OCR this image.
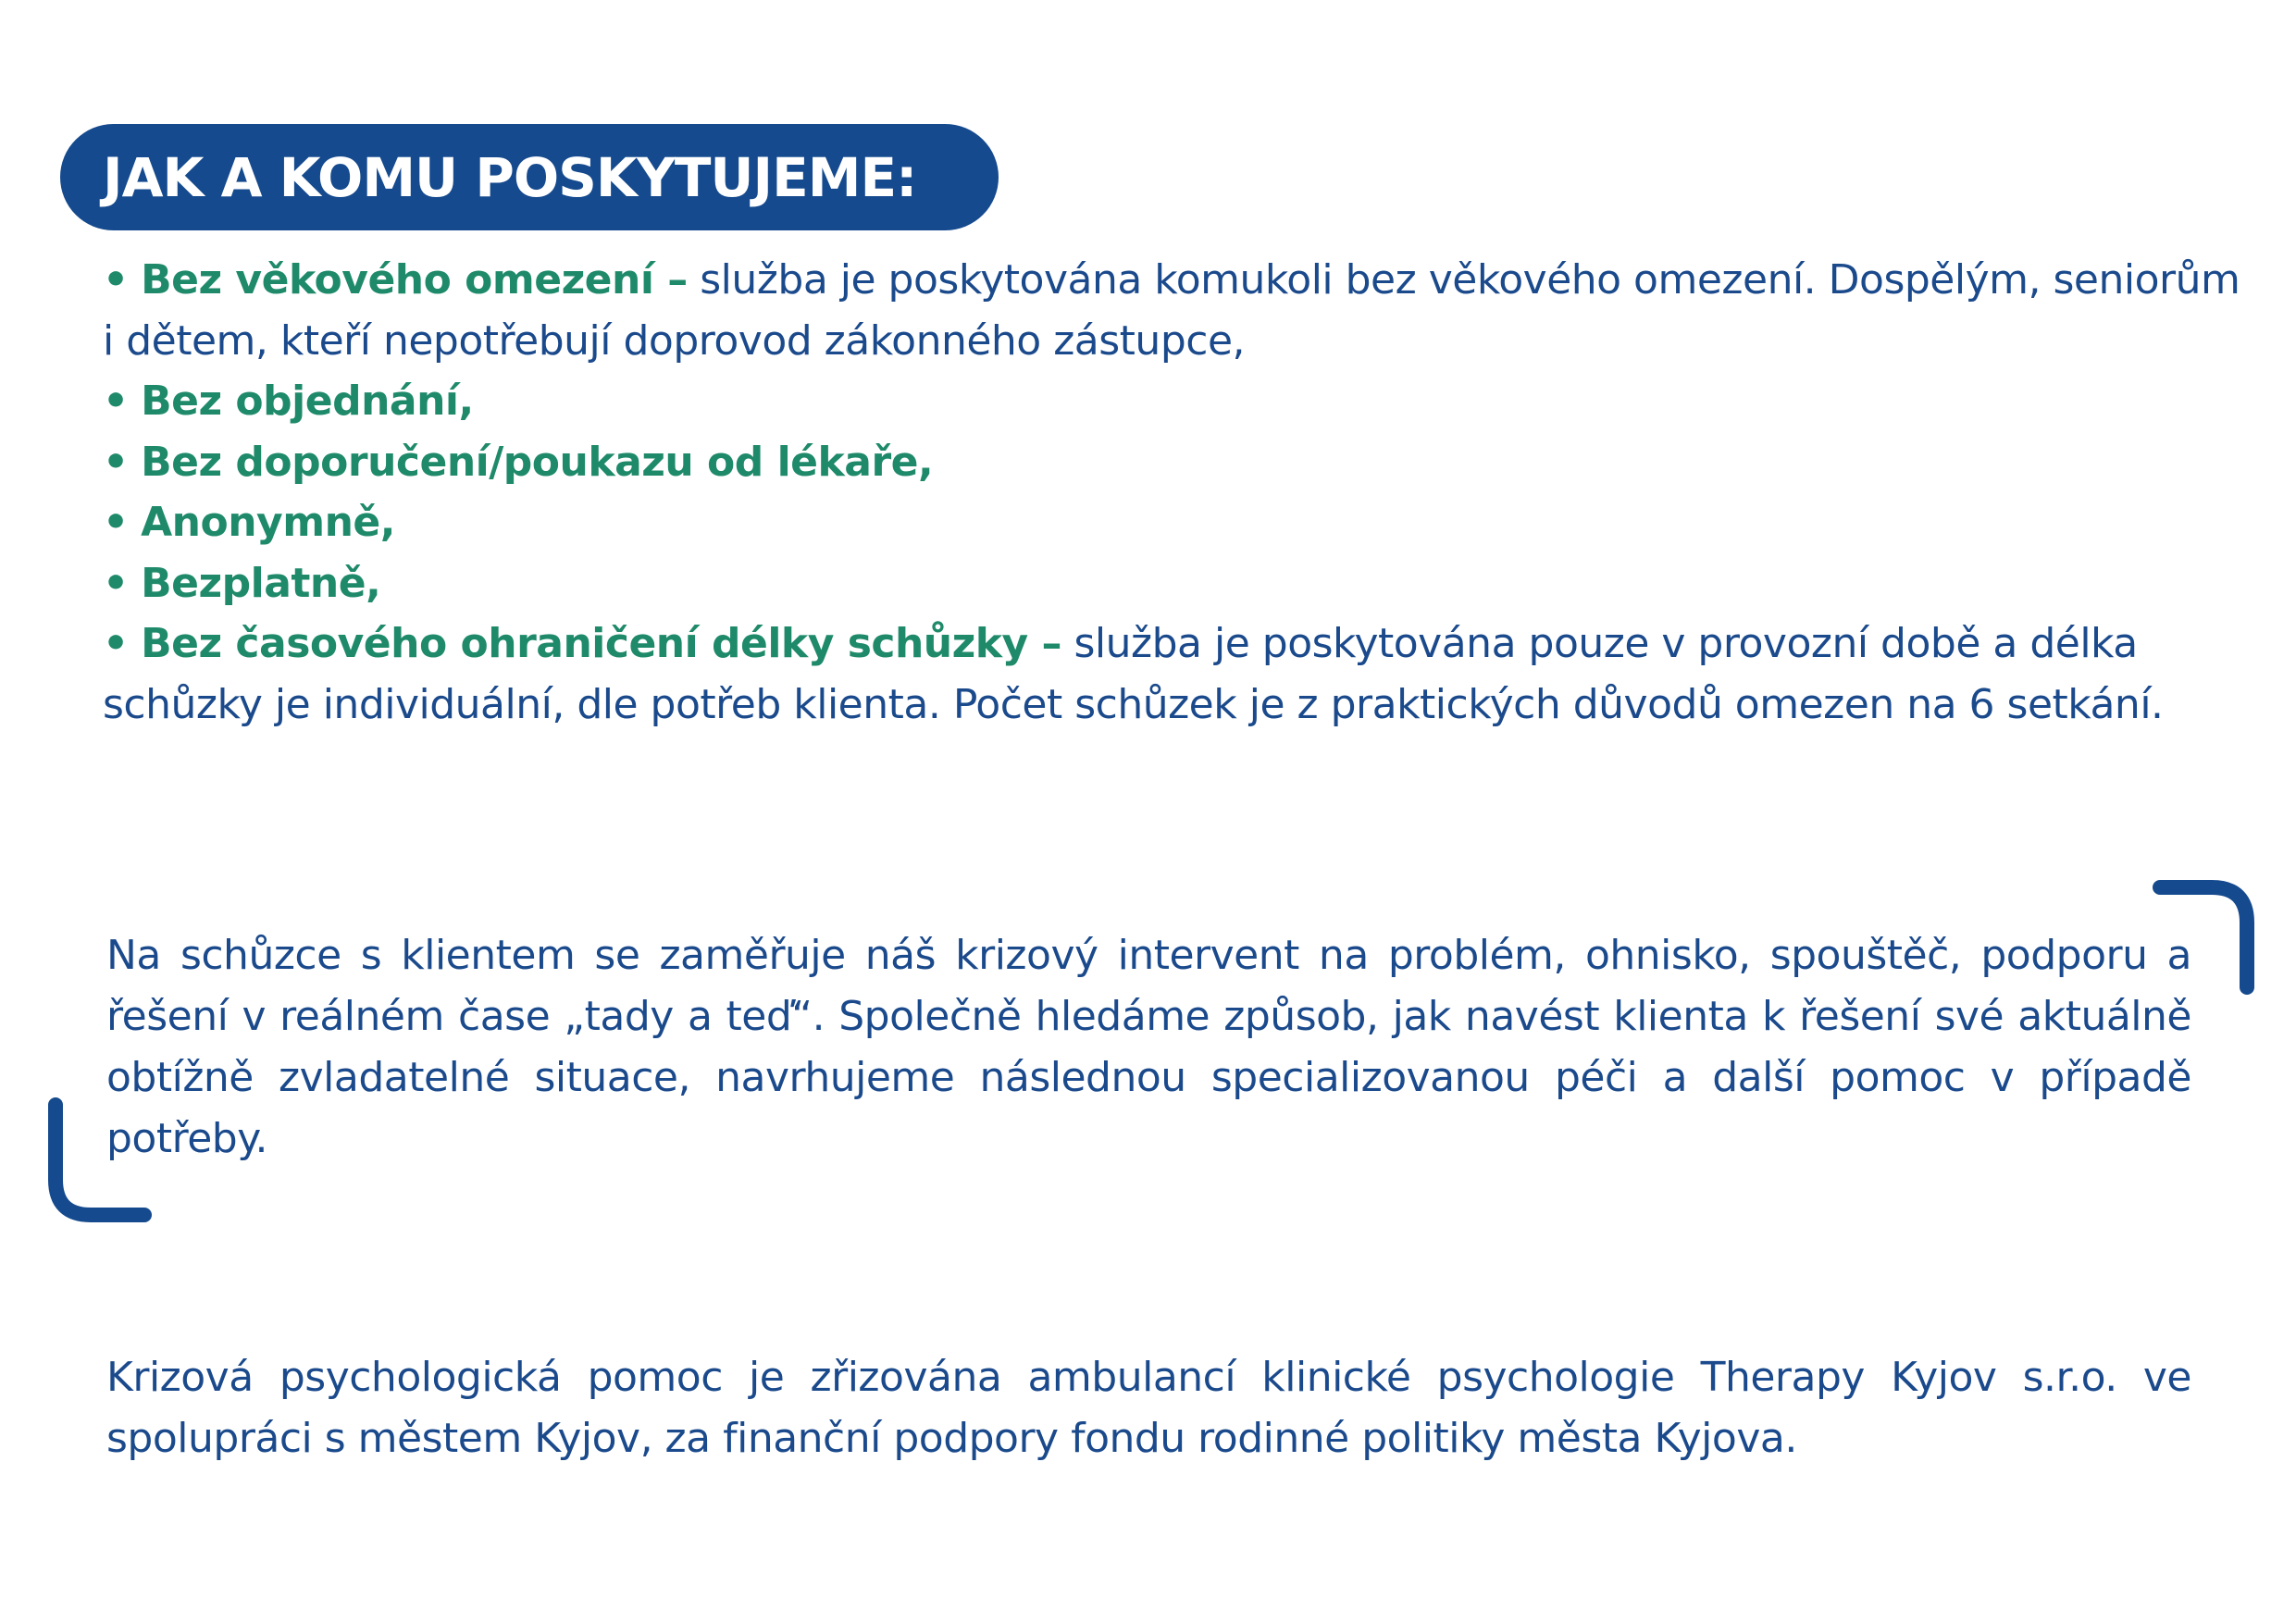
JAK A KOMU POSKYTUJEME:

• Bez věkového omezení – služba je poskytována komukoli bez věkového omezení. Dospělým, seniorům i dětem, kteří nepotřebují doprovod zákonného zástupce,

• Bez objednání,

• Bez doporučení/poukazu od lékaře,

• Anonymně,

• Bezplatně,

• Bez časového ohraničení délky schůzky – služba je poskytována pouze v provozní době a délka schůzky je individuální, dle potřeb klienta. Počet schůzek je z praktických důvodů omezen na 6 setkání.

Na schůzce s klientem se zaměřuje náš krizový intervent na problém, ohnisko, spouštěč, podporu a řešení v reálném čase „tady a teď“. Společně hledáme způsob, jak navést klienta k řešení své aktuálně obtížně zvladatelné situace, navrhujeme následnou specializovanou péči a další pomoc v případě potřeby.

Krizová psychologická pomoc je zřizována ambulancí klinické psychologie Therapy Kyjov s.r.o. ve spolupráci s městem Kyjov, za finanční podpory fondu rodinné politiky města Kyjova.
